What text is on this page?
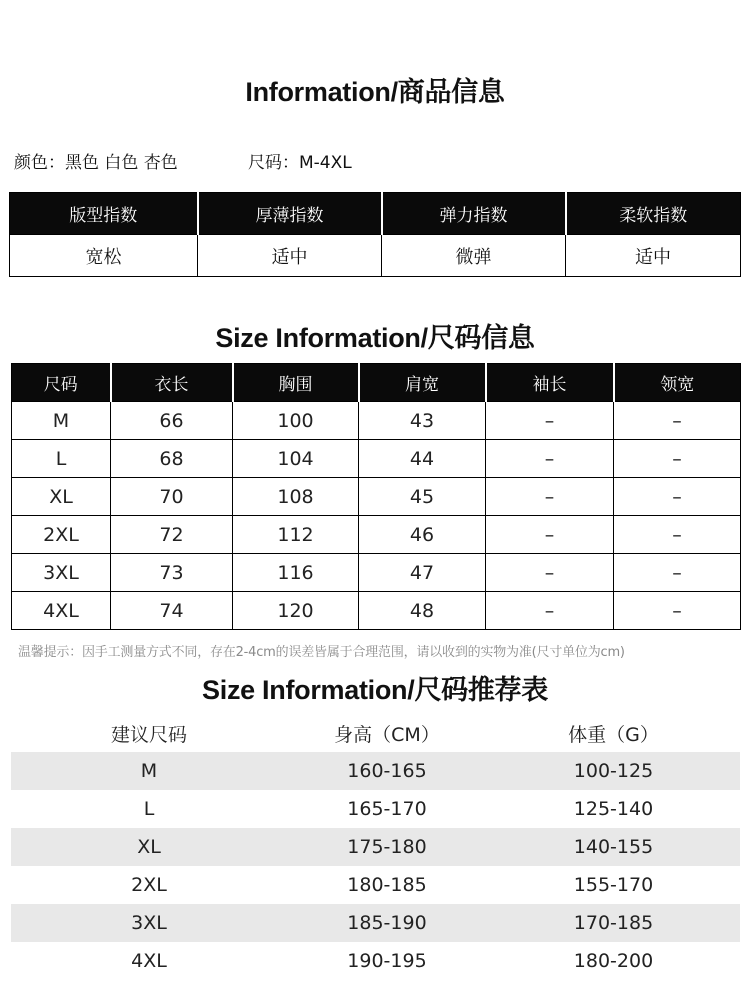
Information/商品信息
颜色：黑色 白色 杏色	尺码：M-4XL
版型指数	厚薄指数	弹力指数	柔软指数
宽松	适中	微弹	适中
Size Information/尺码信息
尺码	衣长	胸围	肩宽	袖长	领宽
M	66	100	43	–	–
L	68	104	44	–	–
XL	70	108	45	–	–
2XL	72	112	46	–	–
3XL	73	116	47	–	–
4XL	74	120	48	–	–
温馨提示：因手工测量方式不同，存在2-4cm的误差皆属于合理范围，请以收到的实物为准(尺寸单位为cm)
Size Information/尺码推荐表
建议尺码	身高（CM）	体重（G）
M	160-165	100-125
L	165-170	125-140
XL	175-180	140-155
2XL	180-185	155-170
3XL	185-190	170-185
4XL	190-195	180-200
